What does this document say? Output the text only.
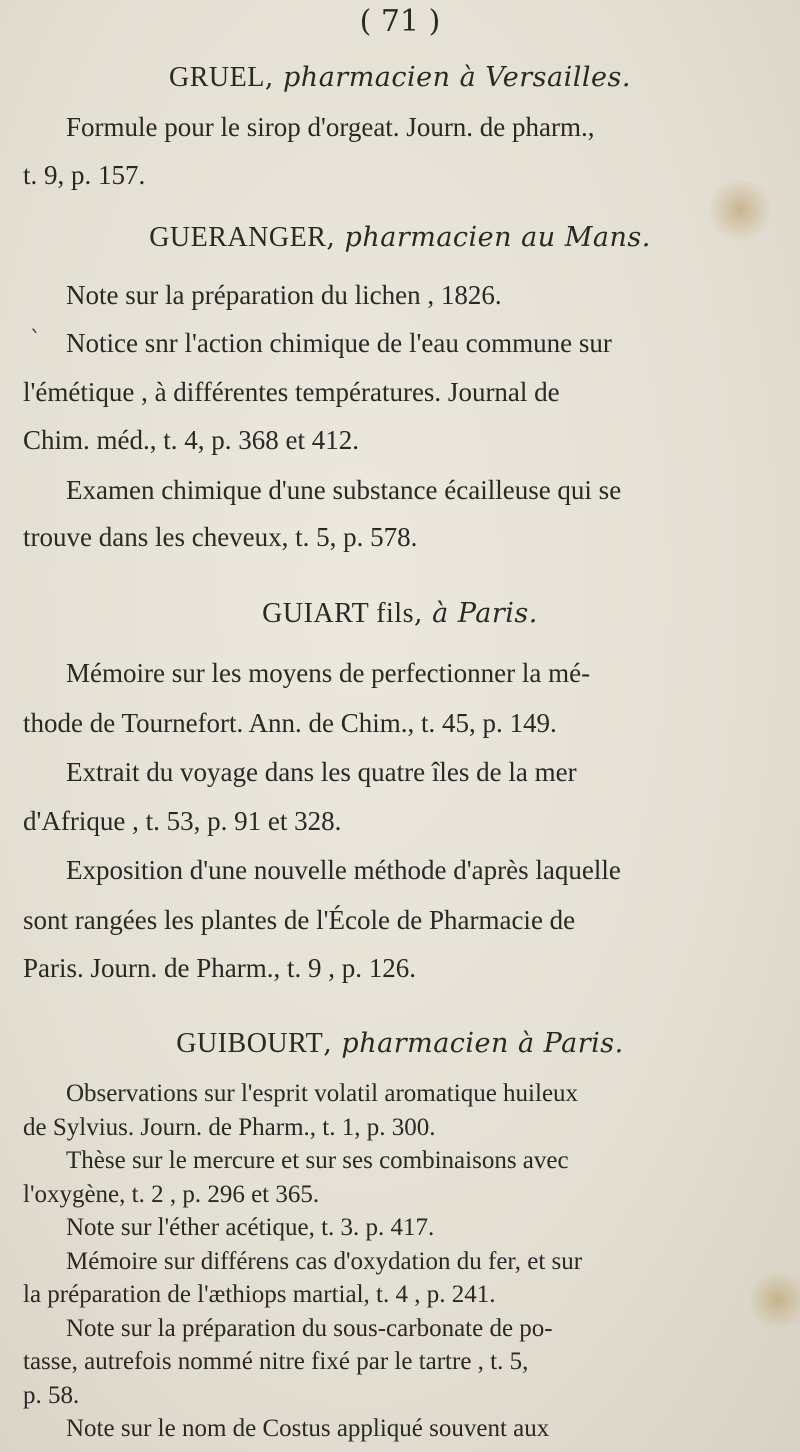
( 71 )
GRUEL, pharmacien à Versailles.
Formule pour le sirop d'orgeat. Journ. de pharm.,
t. 9, p. 157.
GUERANGER, pharmacien au Mans.
Note sur la préparation du lichen , 1826.
` Notice snr l'action chimique de l'eau commune sur
l'émétique , à différentes températures. Journal de
Chim. méd., t. 4, p. 368 et 412.
Examen chimique d'une substance écailleuse qui se
trouve dans les cheveux, t. 5, p. 578.
GUIART fils, à Paris.
Mémoire sur les moyens de perfectionner la mé-
thode de Tournefort. Ann. de Chim., t. 45, p. 149.
Extrait du voyage dans les quatre îles de la mer
d'Afrique , t. 53, p. 91 et 328.
Exposition d'une nouvelle méthode d'après laquelle
sont rangées les plantes de l'École de Pharmacie de
Paris. Journ. de Pharm., t. 9 , p. 126.
GUIBOURT, pharmacien à Paris.
Observations sur l'esprit volatil aromatique huileux
de Sylvius. Journ. de Pharm., t. 1, p. 300.
Thèse sur le mercure et sur ses combinaisons avec
l'oxygène, t. 2 , p. 296 et 365.
Note sur l'éther acétique, t. 3. p. 417.
Mémoire sur différens cas d'oxydation du fer, et sur
la préparation de l'æthiops martial, t. 4 , p. 241.
Note sur la préparation du sous-carbonate de po-
tasse, autrefois nommé nitre fixé par le tartre , t. 5,
p. 58.
Note sur le nom de Costus appliqué souvent aux
